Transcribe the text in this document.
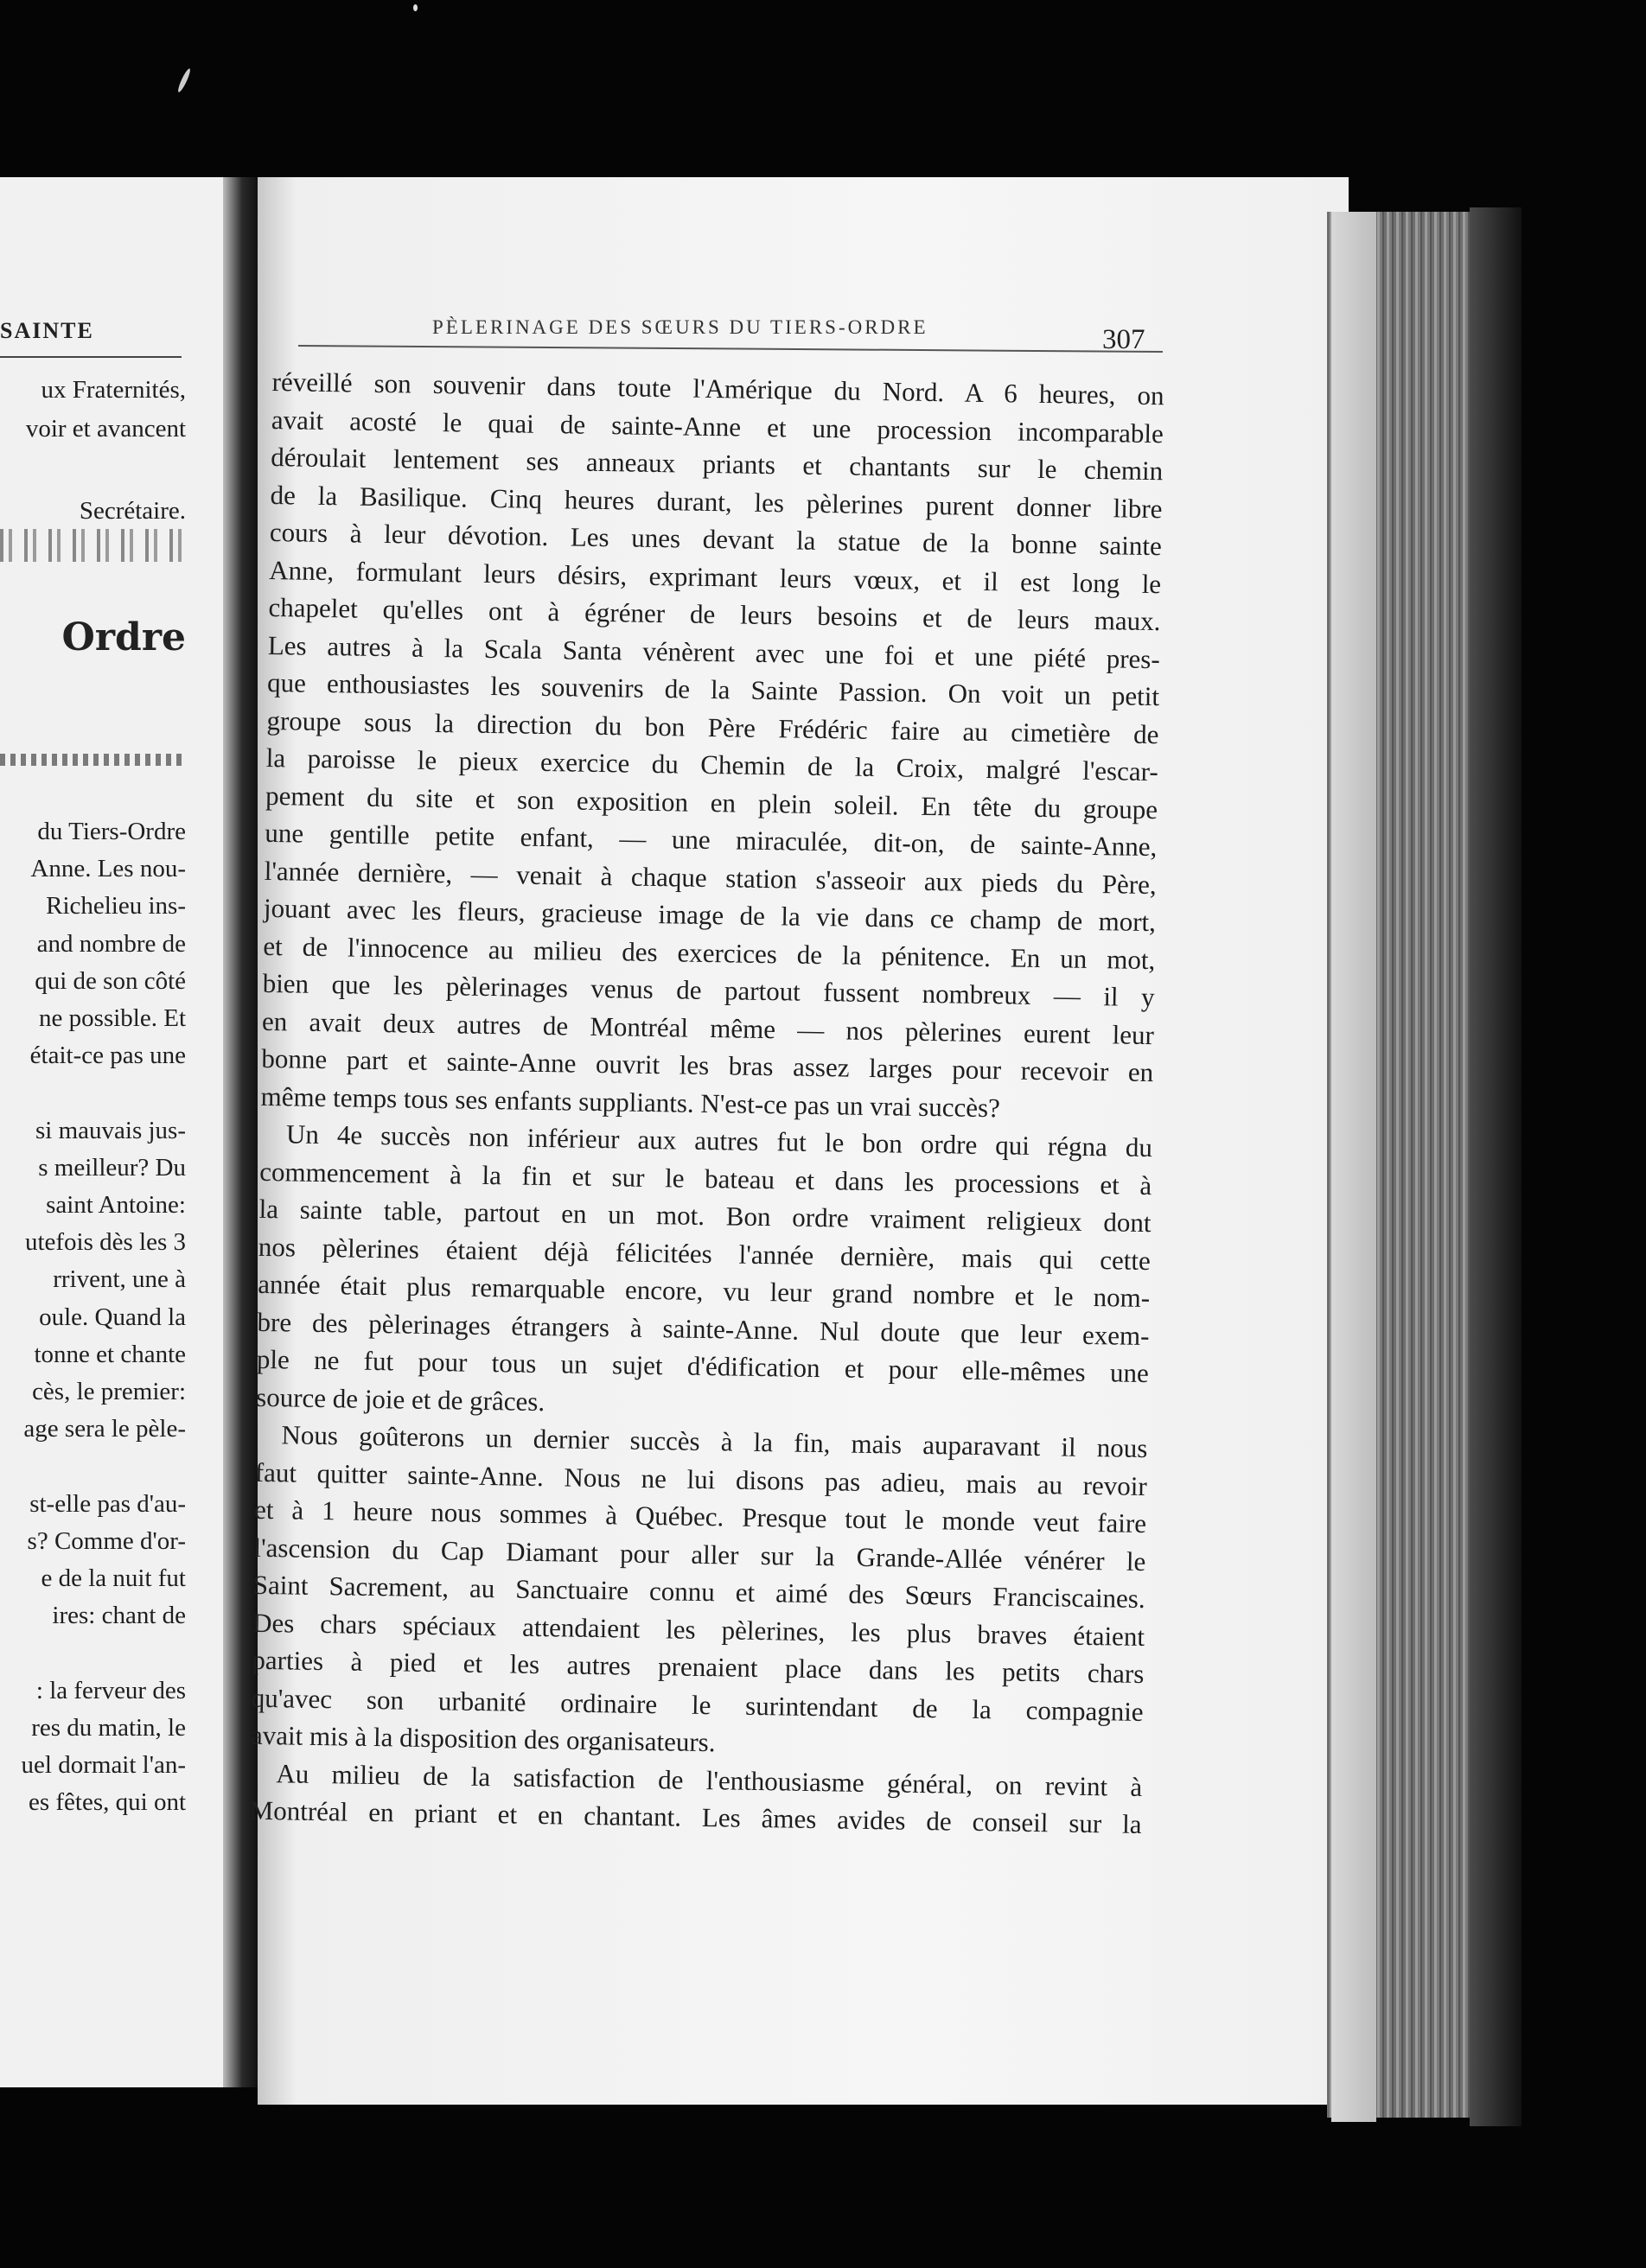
SAINTE
ux Fraternités,
voir et avancent
Secrétaire.
Ordre
du Tiers-Ordre
Anne. Les nou-
Richelieu ins-
and nombre de
qui de son côté
ne possible. Et
était-ce pas une
si mauvais jus-
s meilleur? Du
saint Antoine:
utefois dès les 3
rrivent, une à
oule. Quand la
tonne et chante
cès, le premier:
age sera le pèle-
st-elle pas d'au-
s? Comme d'or-
e de la nuit fut
ires: chant de
: la ferveur des
res du matin, le
uel dormait l'an-
es fêtes, qui ont
PÈLERINAGE DES SŒURS DU TIERS-ORDRE	307
réveillé son souvenir dans toute l'Amérique du Nord. A 6 heures, on
avait acosté le quai de sainte-Anne et une procession incomparable
déroulait lentement ses anneaux priants et chantants sur le chemin
de la Basilique. Cinq heures durant, les pèlerines purent donner libre
cours à leur dévotion. Les unes devant la statue de la bonne sainte
Anne, formulant leurs désirs, exprimant leurs vœux, et il est long le
chapelet qu'elles ont à égréner de leurs besoins et de leurs maux.
Les autres à la Scala Santa vénèrent avec une foi et une piété pres-
que enthousiastes les souvenirs de la Sainte Passion. On voit un petit
groupe sous la direction du bon Père Frédéric faire au cimetière de
la paroisse le pieux exercice du Chemin de la Croix, malgré l'escar-
pement du site et son exposition en plein soleil. En tête du groupe
une gentille petite enfant, — une miraculée, dit-on, de sainte-Anne,
l'année dernière, — venait à chaque station s'asseoir aux pieds du Père,
jouant avec les fleurs, gracieuse image de la vie dans ce champ de mort,
et de l'innocence au milieu des exercices de la pénitence. En un mot,
bien que les pèlerinages venus de partout fussent nombreux — il y
en avait deux autres de Montréal même — nos pèlerines eurent leur
bonne part et sainte-Anne ouvrit les bras assez larges pour recevoir en
même temps tous ses enfants suppliants. N'est-ce pas un vrai succès?
Un 4e succès non inférieur aux autres fut le bon ordre qui régna du
commencement à la fin et sur le bateau et dans les processions et à
la sainte table, partout en un mot. Bon ordre vraiment religieux dont
nos pèlerines étaient déjà félicitées l'année dernière, mais qui cette
année était plus remarquable encore, vu leur grand nombre et le nom-
bre des pèlerinages étrangers à sainte-Anne. Nul doute que leur exem-
ple ne fut pour tous un sujet d'édification et pour elle-mêmes une
source de joie et de grâces.
Nous goûterons un dernier succès à la fin, mais auparavant il nous
faut quitter sainte-Anne. Nous ne lui disons pas adieu, mais au revoir
et à 1 heure nous sommes à Québec. Presque tout le monde veut faire
l'ascension du Cap Diamant pour aller sur la Grande-Allée vénérer le
Saint Sacrement, au Sanctuaire connu et aimé des Sœurs Franciscaines.
Des chars spéciaux attendaient les pèlerines, les plus braves étaient
parties à pied et les autres prenaient place dans les petits chars
qu'avec son urbanité ordinaire le surintendant de la compagnie
avait mis à la disposition des organisateurs.
Au milieu de la satisfaction de l'enthousiasme général, on revint à
Montréal en priant et en chantant. Les âmes avides de conseil sur la
